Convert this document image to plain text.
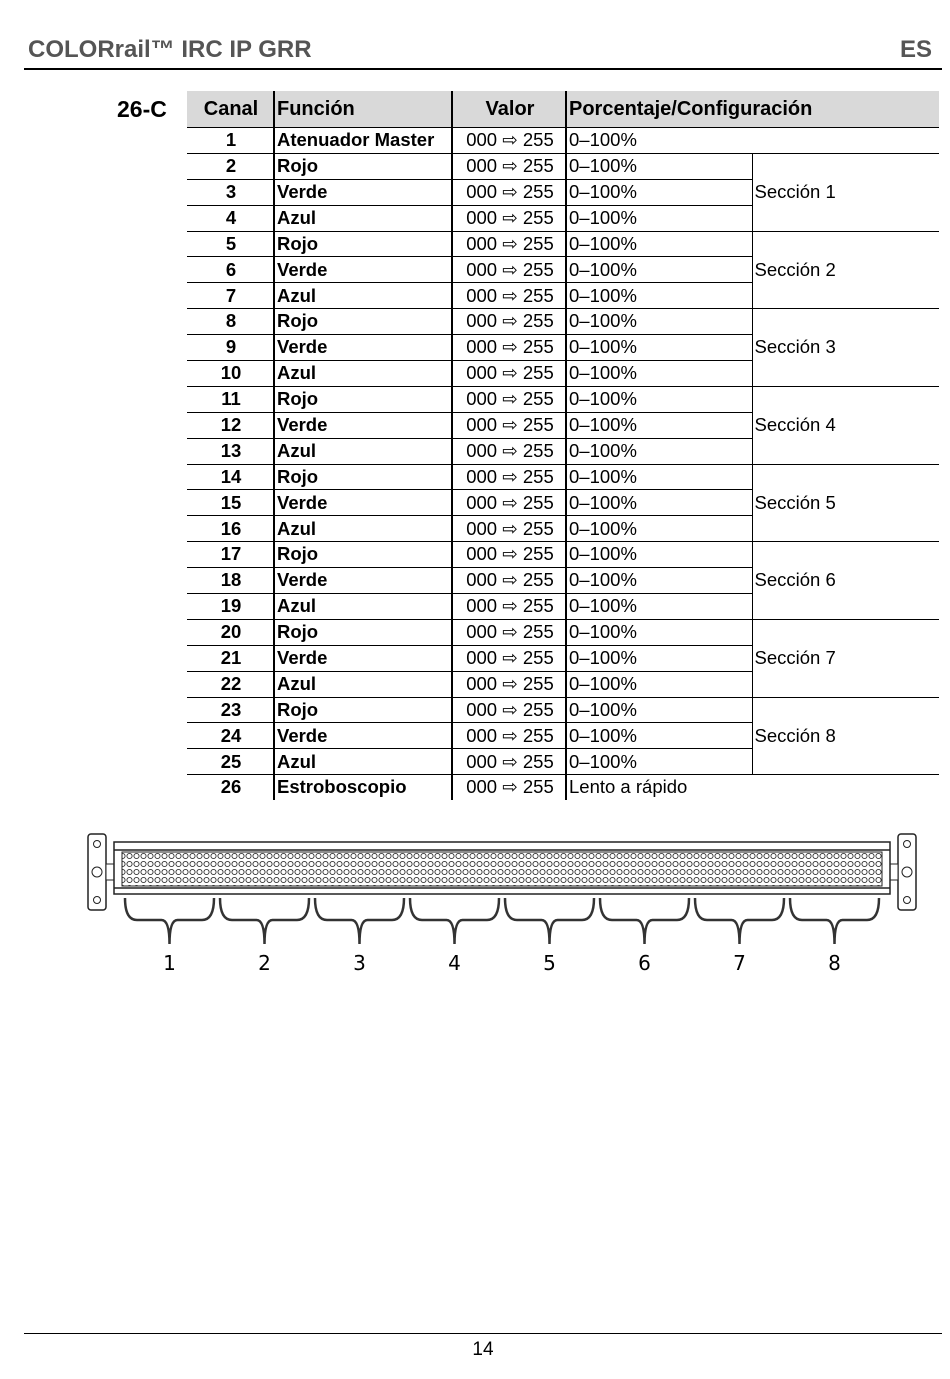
COLORrail™ IRC IP GRR	ES
26-C Canal	Función	Valor	Porcentaje/Configuración	
1	Atenuador Master	000 ⇨ 255	0–100%	
2	Rojo	000 ⇨ 255	0–100%	Sección 1
3	Verde	000 ⇨ 255	0–100%	
4	Azul	000 ⇨ 255	0–100%	
5	Rojo	000 ⇨ 255	0–100%	Sección 2
6	Verde	000 ⇨ 255	0–100%	
7	Azul	000 ⇨ 255	0–100%	
8	Rojo	000 ⇨ 255	0–100%	Sección 3
9	Verde	000 ⇨ 255	0–100%	
10	Azul	000 ⇨ 255	0–100%	
11	Rojo	000 ⇨ 255	0–100%	Sección 4
12	Verde	000 ⇨ 255	0–100%	
13	Azul	000 ⇨ 255	0–100%	
14	Rojo	000 ⇨ 255	0–100%	Sección 5
15	Verde	000 ⇨ 255	0–100%	
16	Azul	000 ⇨ 255	0–100%	
17	Rojo	000 ⇨ 255	0–100%	Sección 6
18	Verde	000 ⇨ 255	0–100%	
19	Azul	000 ⇨ 255	0–100%	
20	Rojo	000 ⇨ 255	0–100%	Sección 7
21	Verde	000 ⇨ 255	0–100%	
22	Azul	000 ⇨ 255	0–100%	
23	Rojo	000 ⇨ 255	0–100%	Sección 8
24	Verde	000 ⇨ 255	0–100%	
25	Azul	000 ⇨ 255	0–100%	
26	Estroboscopio	000 ⇨ 255	Lento a rápido	
1	2	3	4	5	6	7	8
14
